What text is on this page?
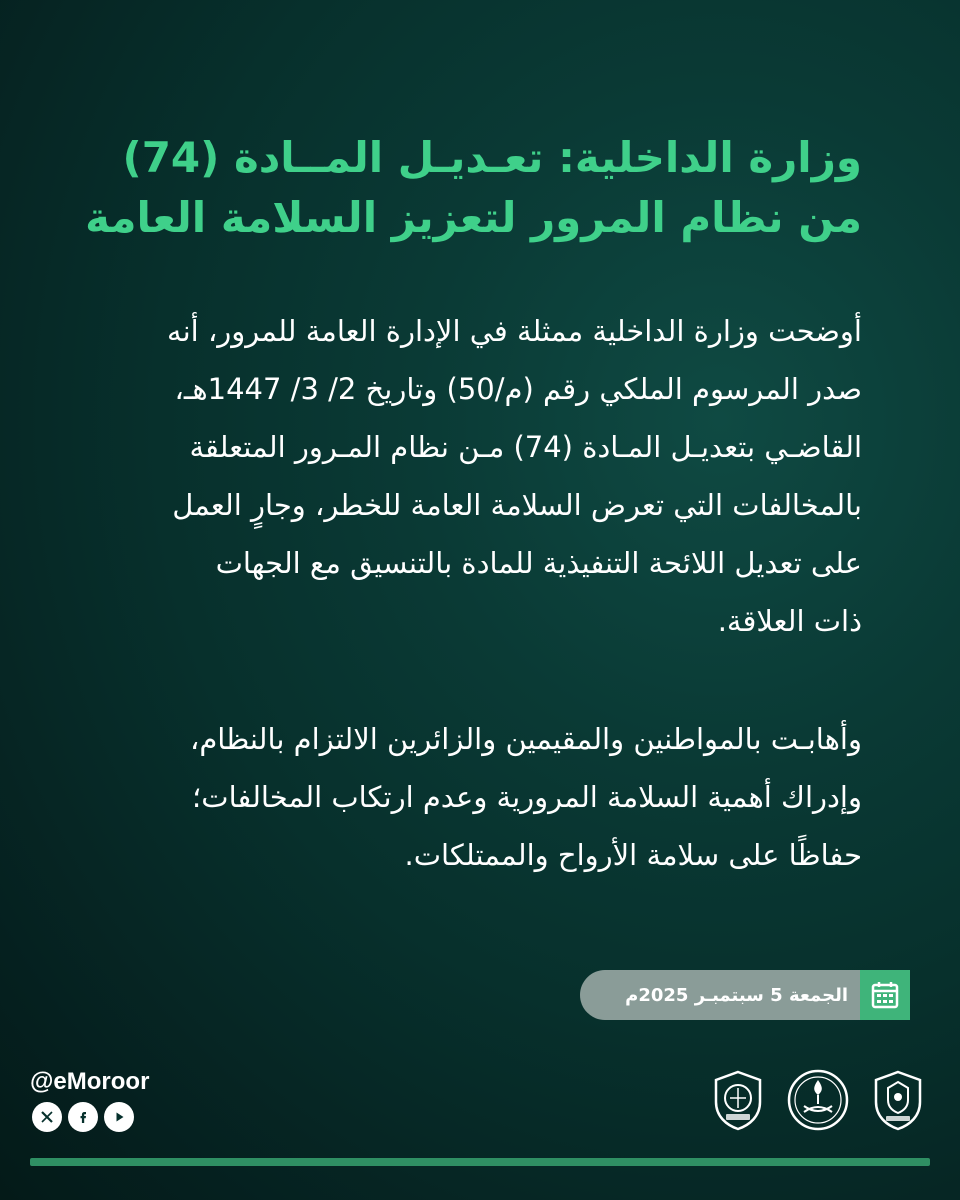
وزارة الداخلية: تعـديـل المــادة (74)
من نظام المرور لتعزيز السلامة العامة

أوضحت وزارة الداخلية ممثلة في الإدارة العامة للمرور، أنه
صدر المرسوم الملكي رقم (م/50) وتاريخ 2/ 3/ 1447هـ،
القاضـي بتعديـل المـادة (74) مـن نظام المـرور المتعلقة
بالمخالفات التي تعرض السلامة العامة للخطر، وجارٍ العمل
على تعديل اللائحة التنفيذية للمادة بالتنسيق مع الجهات
ذات العلاقة.

وأهابـت بالمواطنين والمقيمين والزائرين الالتزام بالنظام،
وإدراك أهمية السلامة المرورية وعدم ارتكاب المخالفات؛
حفاظًا على سلامة الأرواح والممتلكات.

الجمعة 5 سبتمبـر 2025م

@eMoroor
